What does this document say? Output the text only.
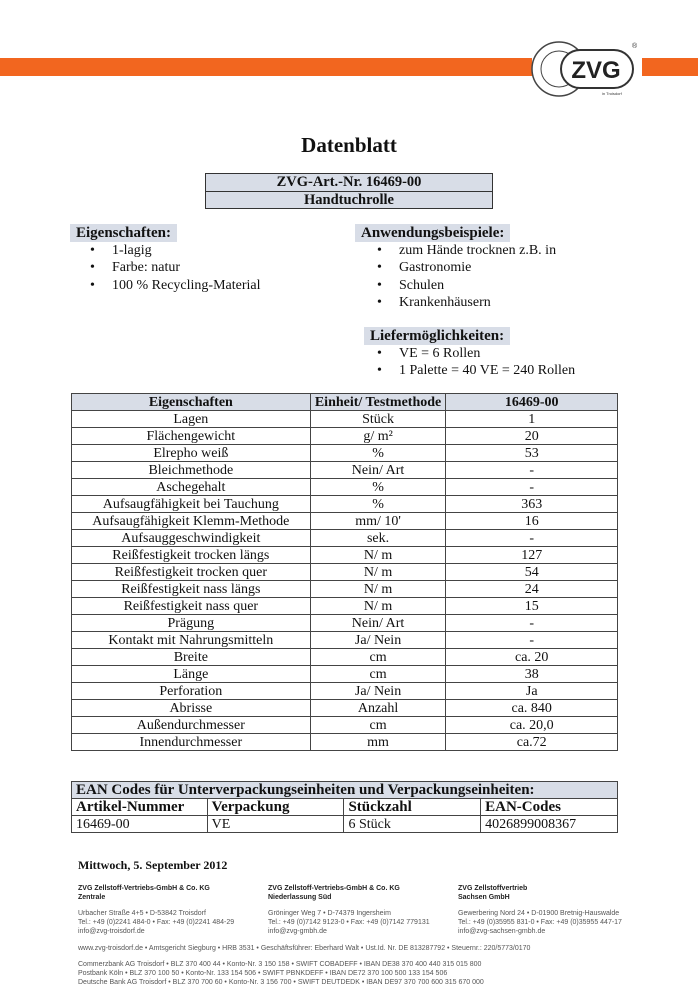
ZVG
®
in Troisdorf
Datenblatt
ZVG-Art.-Nr. 16469-00
Handtuchrolle
Eigenschaften:
• 1-lagig
• Farbe: natur
• 100 % Recycling-Material
Anwendungsbeispiele:
• zum Hände trocknen z.B. in
• Gastronomie
• Schulen
• Krankenhäusern
Liefermöglichkeiten:
• VE = 6 Rollen
• 1 Palette = 40 VE = 240 Rollen
Eigenschaften	Einheit/ Testmethode	16469-00
Lagen	Stück	1
Flächengewicht	g/ m²	20
Elrepho weiß	%	53
Bleichmethode	Nein/ Art	-
Aschegehalt	%	-
Aufsaugfähigkeit bei Tauchung	%	363
Aufsaugfähigkeit Klemm-Methode	mm/ 10'	16
Aufsauggeschwindigkeit	sek.	-
Reißfestigkeit trocken längs	N/ m	127
Reißfestigkeit trocken quer	N/ m	54
Reißfestigkeit nass längs	N/ m	24
Reißfestigkeit nass quer	N/ m	15
Prägung	Nein/ Art	-
Kontakt mit Nahrungsmitteln	Ja/ Nein	-
Breite	cm	ca. 20
Länge	cm	38
Perforation	Ja/ Nein	Ja
Abrisse	Anzahl	ca. 840
Außendurchmesser	cm	ca. 20,0
Innendurchmesser	mm	ca.72
EAN Codes für Unterverpackungseinheiten und Verpackungseinheiten:			
Artikel-Nummer	Verpackung	Stückzahl	EAN-Codes
16469-00	VE	6 Stück	4026899008367
Mittwoch, 5. September 2012
ZVG Zellstoff-Vertriebs-GmbH & Co. KG
Zentrale
Urbacher Straße 4+5 • D-53842 Troisdorf
Tel.: +49 (0)2241 484-0 • Fax: +49 (0)2241 484-29
info@zvg-troisdorf.de
ZVG Zellstoff-Vertriebs-GmbH & Co. KG
Niederlassung Süd
Gröninger Weg 7 • D-74379 Ingersheim
Tel.: +49 (0)7142 9123-0 • Fax: +49 (0)7142 779131
info@zvg-gmbh.de
ZVG Zellstoffvertrieb
Sachsen GmbH
Gewerbering Nord 24 • D-01900 Bretnig-Hauswalde
Tel.: +49 (0)35955 831-0 • Fax: +49 (0)35955 447-17
info@zvg-sachsen-gmbh.de
www.zvg-troisdorf.de • Amtsgericht Siegburg • HRB 3531 • Geschäftsführer: Eberhard Walt • Ust.Id. Nr. DE 813287792 • Steuernr.: 220/5773/0170
Commerzbank AG Troisdorf • BLZ 370 400 44 • Konto-Nr. 3 150 158 • SWIFT COBADEFF • IBAN DE38 370 400 440 315 015 800
Postbank Köln • BLZ 370 100 50 • Konto-Nr. 133 154 506 • SWIFT PBNKDEFF • IBAN DE72 370 100 500 133 154 506
Deutsche Bank AG Troisdorf • BLZ 370 700 60 • Konto-Nr. 3 156 700 • SWIFT DEUTDEDK • IBAN DE97 370 700 600 315 670 000
